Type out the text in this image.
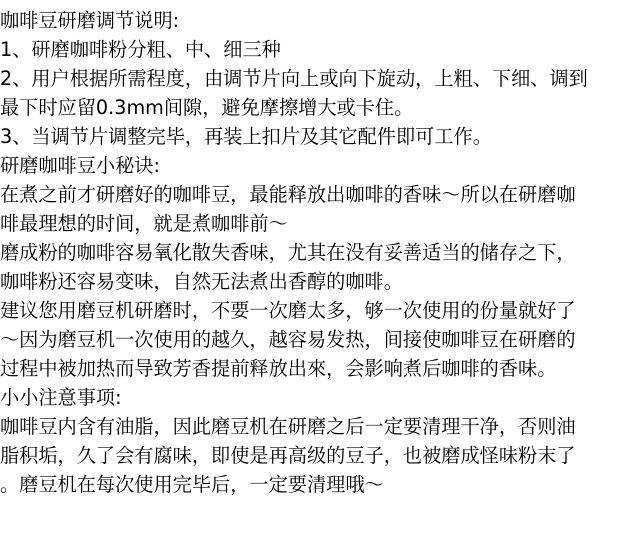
咖啡豆研磨调节说明:
1、研磨咖啡粉分粗、中、细三种
2、用户根据所需程度，由调节片向上或向下旋动，上粗、下细、调到
最下时应留0.3mm间隙，避免摩擦增大或卡住。
3、当调节片调整完毕，再装上扣片及其它配件即可工作。
研磨咖啡豆小秘诀:
在煮之前才研磨好的咖啡豆，最能释放出咖啡的香味～所以在研磨咖
啡最理想的时间，就是煮咖啡前～
磨成粉的咖啡容易氧化散失香味，尤其在没有妥善适当的储存之下，
咖啡粉还容易变味，自然无法煮出香醇的咖啡。
建议您用磨豆机研磨时，不要一次磨太多，够一次使用的份量就好了
～因为磨豆机一次使用的越久，越容易发热，间接使咖啡豆在研磨的
过程中被加热而导致芳香提前释放出來，会影响煮后咖啡的香味。
小小注意事项:
咖啡豆内含有油脂，因此磨豆机在研磨之后一定要清理干净，否则油
脂积垢，久了会有腐味，即使是再高级的豆子，也被磨成怪味粉末了
。磨豆机在每次使用完毕后，一定要清理哦～
